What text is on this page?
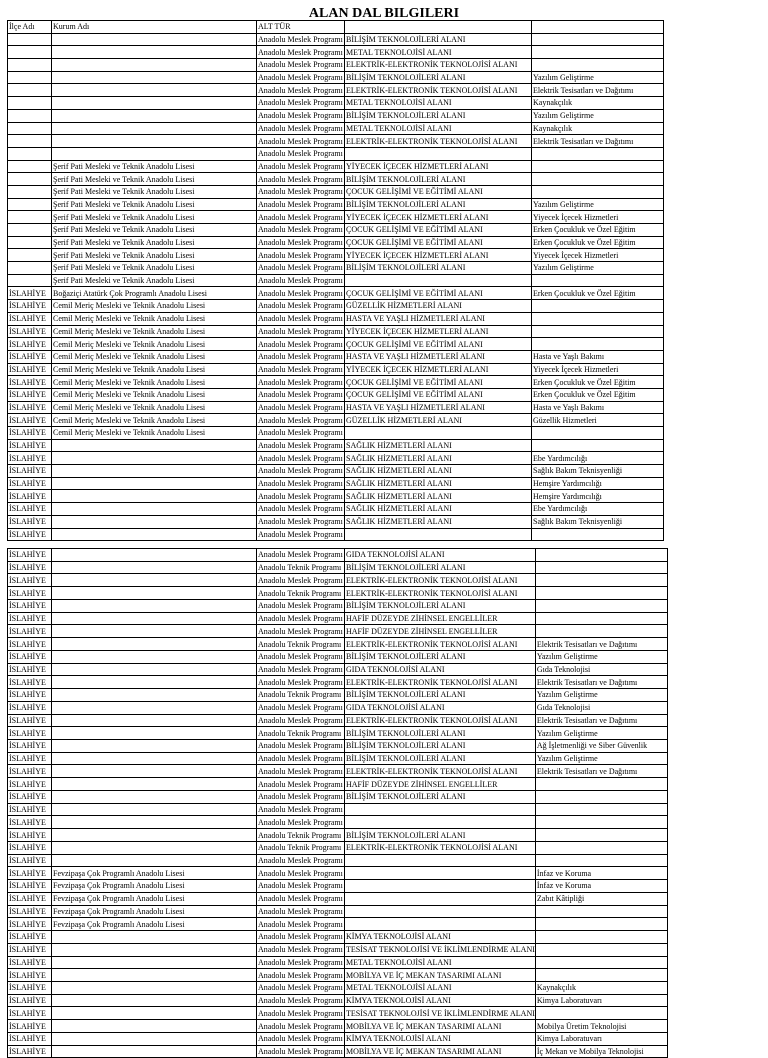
ALAN DAL BILGILERI
İlçe Adı	Kurum Adı	ALT TÜR		
		Anadolu Meslek Programı	BİLİŞİM TEKNOLOJİLERİ ALANI	
		Anadolu Meslek Programı	METAL TEKNOLOJİSİ ALANI	
		Anadolu Meslek Programı	ELEKTRİK-ELEKTRONİK TEKNOLOJİSİ ALANI	
		Anadolu Meslek Programı	BİLİŞİM TEKNOLOJİLERİ ALANI	Yazılım Geliştirme
		Anadolu Meslek Programı	ELEKTRİK-ELEKTRONİK TEKNOLOJİSİ ALANI	Elektrik Tesisatları ve Dağıtımı
		Anadolu Meslek Programı	METAL TEKNOLOJİSİ ALANI	Kaynakçılık
		Anadolu Meslek Programı	BİLİŞİM TEKNOLOJİLERİ ALANI	Yazılım Geliştirme
		Anadolu Meslek Programı	METAL TEKNOLOJİSİ ALANI	Kaynakçılık
		Anadolu Meslek Programı	ELEKTRİK-ELEKTRONİK TEKNOLOJİSİ ALANI	Elektrik Tesisatları ve Dağıtımı
		Anadolu Meslek Programı		
	Şerif Pati Mesleki ve Teknik Anadolu Lisesi	Anadolu Meslek Programı	YİYECEK İÇECEK HİZMETLERİ ALANI	
	Şerif Pati Mesleki ve Teknik Anadolu Lisesi	Anadolu Meslek Programı	BİLİŞİM TEKNOLOJİLERİ ALANI	
	Şerif Pati Mesleki ve Teknik Anadolu Lisesi	Anadolu Meslek Programı	ÇOCUK GELİŞİMİ VE EĞİTİMİ ALANI	
	Şerif Pati Mesleki ve Teknik Anadolu Lisesi	Anadolu Meslek Programı	BİLİŞİM TEKNOLOJİLERİ ALANI	Yazılım Geliştirme
	Şerif Pati Mesleki ve Teknik Anadolu Lisesi	Anadolu Meslek Programı	YİYECEK İÇECEK HİZMETLERİ ALANI	Yiyecek İçecek Hizmetleri
	Şerif Pati Mesleki ve Teknik Anadolu Lisesi	Anadolu Meslek Programı	ÇOCUK GELİŞİMİ VE EĞİTİMİ ALANI	Erken Çocukluk ve Özel Eğitim
	Şerif Pati Mesleki ve Teknik Anadolu Lisesi	Anadolu Meslek Programı	ÇOCUK GELİŞİMİ VE EĞİTİMİ ALANI	Erken Çocukluk ve Özel Eğitim
	Şerif Pati Mesleki ve Teknik Anadolu Lisesi	Anadolu Meslek Programı	YİYECEK İÇECEK HİZMETLERİ ALANI	Yiyecek İçecek Hizmetleri
	Şerif Pati Mesleki ve Teknik Anadolu Lisesi	Anadolu Meslek Programı	BİLİŞİM TEKNOLOJİLERİ ALANI	Yazılım Geliştirme
	Şerif Pati Mesleki ve Teknik Anadolu Lisesi	Anadolu Meslek Programı		
İSLAHİYE	Boğaziçi Atatürk Çok Programlı Anadolu Lisesi	Anadolu Meslek Programı	ÇOCUK GELİŞİMİ VE EĞİTİMİ ALANI	Erken Çocukluk ve Özel Eğitim
İSLAHİYE	Cemil Meriç Mesleki ve Teknik Anadolu Lisesi	Anadolu Meslek Programı	GÜZELLİK HİZMETLERİ ALANI	
İSLAHİYE	Cemil Meriç Mesleki ve Teknik Anadolu Lisesi	Anadolu Meslek Programı	HASTA VE YAŞLI HİZMETLERİ ALANI	
İSLAHİYE	Cemil Meriç Mesleki ve Teknik Anadolu Lisesi	Anadolu Meslek Programı	YİYECEK İÇECEK HİZMETLERİ ALANI	
İSLAHİYE	Cemil Meriç Mesleki ve Teknik Anadolu Lisesi	Anadolu Meslek Programı	ÇOCUK GELİŞİMİ VE EĞİTİMİ ALANI	
İSLAHİYE	Cemil Meriç Mesleki ve Teknik Anadolu Lisesi	Anadolu Meslek Programı	HASTA VE YAŞLI HİZMETLERİ ALANI	Hasta ve Yaşlı Bakımı
İSLAHİYE	Cemil Meriç Mesleki ve Teknik Anadolu Lisesi	Anadolu Meslek Programı	YİYECEK İÇECEK HİZMETLERİ ALANI	Yiyecek İçecek Hizmetleri
İSLAHİYE	Cemil Meriç Mesleki ve Teknik Anadolu Lisesi	Anadolu Meslek Programı	ÇOCUK GELİŞİMİ VE EĞİTİMİ ALANI	Erken Çocukluk ve Özel Eğitim
İSLAHİYE	Cemil Meriç Mesleki ve Teknik Anadolu Lisesi	Anadolu Meslek Programı	ÇOCUK GELİŞİMİ VE EĞİTİMİ ALANI	Erken Çocukluk ve Özel Eğitim
İSLAHİYE	Cemil Meriç Mesleki ve Teknik Anadolu Lisesi	Anadolu Meslek Programı	HASTA VE YAŞLI HİZMETLERİ ALANI	Hasta ve Yaşlı Bakımı
İSLAHİYE	Cemil Meriç Mesleki ve Teknik Anadolu Lisesi	Anadolu Meslek Programı	GÜZELLİK HİZMETLERİ ALANI	Güzellik Hizmetleri
İSLAHİYE	Cemil Meriç Mesleki ve Teknik Anadolu Lisesi	Anadolu Meslek Programı		
İSLAHİYE		Anadolu Meslek Programı	SAĞLIK HİZMETLERİ ALANI	
İSLAHİYE		Anadolu Meslek Programı	SAĞLIK HİZMETLERİ ALANI	Ebe Yardımcılığı
İSLAHİYE		Anadolu Meslek Programı	SAĞLIK HİZMETLERİ ALANI	Sağlık Bakım Teknisyenliği
İSLAHİYE		Anadolu Meslek Programı	SAĞLIK HİZMETLERİ ALANI	Hemşire Yardımcılığı
İSLAHİYE		Anadolu Meslek Programı	SAĞLIK HİZMETLERİ ALANI	Hemşire Yardımcılığı
İSLAHİYE		Anadolu Meslek Programı	SAĞLIK HİZMETLERİ ALANI	Ebe Yardımcılığı
İSLAHİYE		Anadolu Meslek Programı	SAĞLIK HİZMETLERİ ALANI	Sağlık Bakım Teknisyenliği
İSLAHİYE		Anadolu Meslek Programı		
İSLAHİYE		Anadolu Meslek Programı	GIDA TEKNOLOJİSİ ALANI	
İSLAHİYE		Anadolu Teknik Programı	BİLİŞİM TEKNOLOJİLERİ ALANI	
İSLAHİYE		Anadolu Meslek Programı	ELEKTRİK-ELEKTRONİK TEKNOLOJİSİ ALANI	
İSLAHİYE		Anadolu Teknik Programı	ELEKTRİK-ELEKTRONİK TEKNOLOJİSİ ALANI	
İSLAHİYE		Anadolu Meslek Programı	BİLİŞİM TEKNOLOJİLERİ ALANI	
İSLAHİYE		Anadolu Meslek Programı	HAFİF DÜZEYDE ZİHİNSEL ENGELLİLER	
İSLAHİYE		Anadolu Meslek Programı	HAFİF DÜZEYDE ZİHİNSEL ENGELLİLER	
İSLAHİYE		Anadolu Teknik Programı	ELEKTRİK-ELEKTRONİK TEKNOLOJİSİ ALANI	Elektrik Tesisatları ve Dağıtımı
İSLAHİYE		Anadolu Meslek Programı	BİLİŞİM TEKNOLOJİLERİ ALANI	Yazılım Geliştirme
İSLAHİYE		Anadolu Meslek Programı	GIDA TEKNOLOJİSİ ALANI	Gıda Teknolojisi
İSLAHİYE		Anadolu Meslek Programı	ELEKTRİK-ELEKTRONİK TEKNOLOJİSİ ALANI	Elektrik Tesisatları ve Dağıtımı
İSLAHİYE		Anadolu Teknik Programı	BİLİŞİM TEKNOLOJİLERİ ALANI	Yazılım Geliştirme
İSLAHİYE		Anadolu Meslek Programı	GIDA TEKNOLOJİSİ ALANI	Gıda Teknolojisi
İSLAHİYE		Anadolu Meslek Programı	ELEKTRİK-ELEKTRONİK TEKNOLOJİSİ ALANI	Elektrik Tesisatları ve Dağıtımı
İSLAHİYE		Anadolu Teknik Programı	BİLİŞİM TEKNOLOJİLERİ ALANI	Yazılım Geliştirme
İSLAHİYE		Anadolu Meslek Programı	BİLİŞİM TEKNOLOJİLERİ ALANI	Ağ İşletmenliği ve Siber Güvenlik
İSLAHİYE		Anadolu Meslek Programı	BİLİŞİM TEKNOLOJİLERİ ALANI	Yazılım Geliştirme
İSLAHİYE		Anadolu Meslek Programı	ELEKTRİK-ELEKTRONİK TEKNOLOJİSİ ALANI	Elektrik Tesisatları ve Dağıtımı
İSLAHİYE		Anadolu Meslek Programı	HAFİF DÜZEYDE ZİHİNSEL ENGELLİLER	
İSLAHİYE		Anadolu Meslek Programı	BİLİŞİM TEKNOLOJİLERİ ALANI	
İSLAHİYE		Anadolu Meslek Programı		
İSLAHİYE		Anadolu Meslek Programı		
İSLAHİYE		Anadolu Teknik Programı	BİLİŞİM TEKNOLOJİLERİ ALANI	
İSLAHİYE		Anadolu Teknik Programı	ELEKTRİK-ELEKTRONİK TEKNOLOJİSİ ALANI	
İSLAHİYE		Anadolu Meslek Programı		
İSLAHİYE	Fevzipaşa Çok Programlı Anadolu Lisesi	Anadolu Meslek Programı		İnfaz ve Koruma
İSLAHİYE	Fevzipaşa Çok Programlı Anadolu Lisesi	Anadolu Meslek Programı		İnfaz ve Koruma
İSLAHİYE	Fevzipaşa Çok Programlı Anadolu Lisesi	Anadolu Meslek Programı		Zabıt Kâtipliği
İSLAHİYE	Fevzipaşa Çok Programlı Anadolu Lisesi	Anadolu Meslek Programı		
İSLAHİYE	Fevzipaşa Çok Programlı Anadolu Lisesi	Anadolu Meslek Programı		
İSLAHİYE		Anadolu Meslek Programı	KİMYA TEKNOLOJİSİ ALANI	
İSLAHİYE		Anadolu Meslek Programı	TESİSAT TEKNOLOJİSİ VE İKLİMLENDİRME ALANI	
İSLAHİYE		Anadolu Meslek Programı	METAL TEKNOLOJİSİ ALANI	
İSLAHİYE		Anadolu Meslek Programı	MOBİLYA VE İÇ MEKAN TASARIMI ALANI	
İSLAHİYE		Anadolu Meslek Programı	METAL TEKNOLOJİSİ ALANI	Kaynakçılık
İSLAHİYE		Anadolu Meslek Programı	KİMYA TEKNOLOJİSİ ALANI	Kimya Laboratuvarı
İSLAHİYE		Anadolu Meslek Programı	TESİSAT TEKNOLOJİSİ VE İKLİMLENDİRME ALANI	
İSLAHİYE		Anadolu Meslek Programı	MOBİLYA VE İÇ MEKAN TASARIMI ALANI	Mobilya Üretim Teknolojisi
İSLAHİYE		Anadolu Meslek Programı	KİMYA TEKNOLOJİSİ ALANI	Kimya Laboratuvarı
İSLAHİYE		Anadolu Meslek Programı	MOBİLYA VE İÇ MEKAN TASARIMI ALANI	İç Mekan ve Mobilya Teknolojisi
